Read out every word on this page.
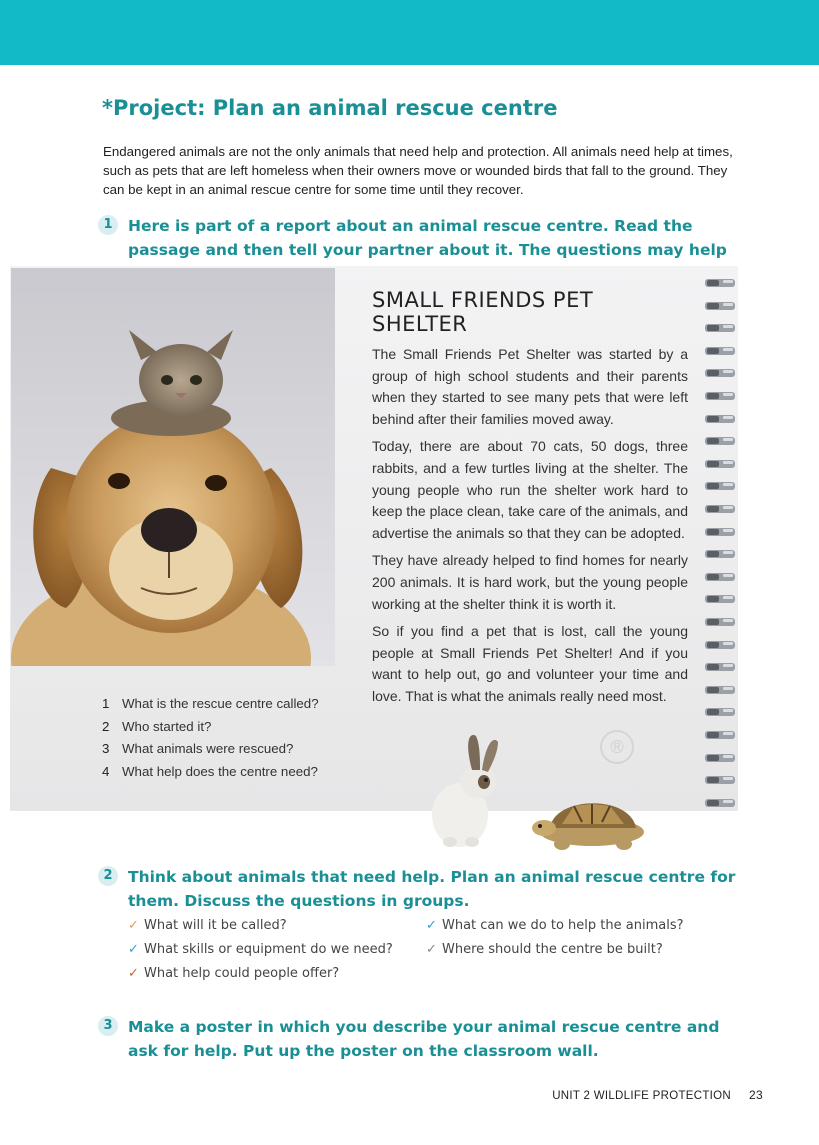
*Project: Plan an animal rescue centre

Endangered animals are not the only animals that need help and protection. All animals need help at times, such as pets that are left homeless when their owners move or wounded birds that fall to the ground. They can be kept in an animal rescue centre for some time until they recover.

1 Here is part of a report about an animal rescue centre. Read the passage and then tell your partner about it. The questions may help

1 What is the rescue centre called?
2 Who started it?
3 What animals were rescued?
4 What help does the centre need?
SMALL FRIENDS PET SHELTER

The Small Friends Pet Shelter was started by a group of high school students and their parents when they started to see many pets that were left behind after their families moved away.

Today, there are about 70 cats, 50 dogs, three rabbits, and a few turtles living at the shelter. The young people who run the shelter work hard to keep the place clean, take care of the animals, and advertise the animals so that they can be adopted.

They have already helped to find homes for nearly 200 animals. It is hard work, but the young people working at the shelter think it is worth it.

So if you find a pet that is lost, call the young people at Small Friends Pet Shelter! And if you want to help out, go and volunteer your time and love. That is what the animals really need most.

®
2 Think about animals that need help. Plan an animal rescue centre for them. Discuss the questions in groups.

✓ What will it be called?	✓ What can we do to help the animals?
✓ What skills or equipment do we need?	✓ Where should the centre be built?
✓ What help could people offer?
3 Make a poster in which you describe your animal rescue centre and ask for help. Put up the poster on the classroom wall.

UNIT 2 WILDLIFE PROTECTION 23
